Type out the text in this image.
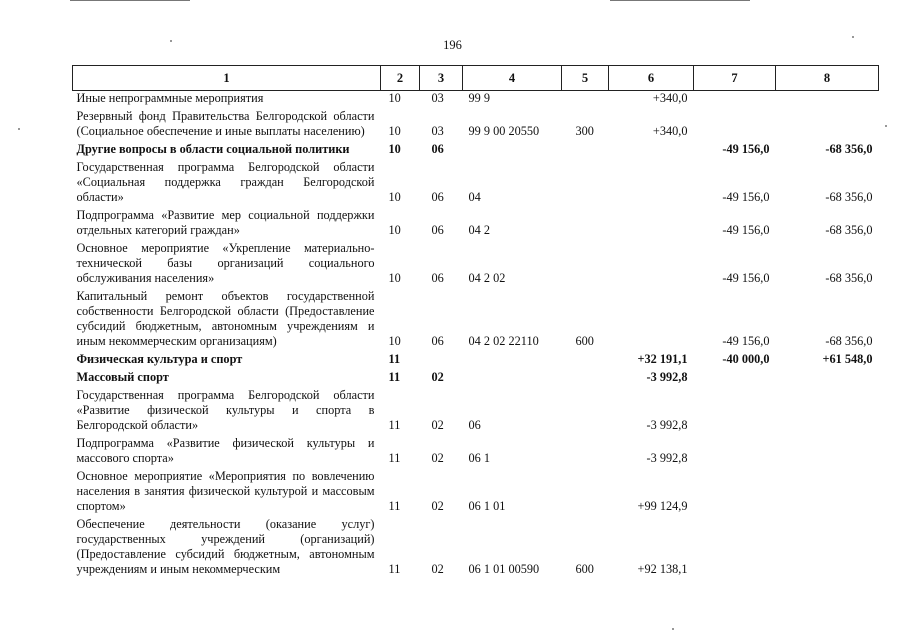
196
1	2	3	4	5	6	7	8
Иные непрограммные мероприятия	10	03	99 9		+340,0		
Резервный фонд Правительства Белгородской области (Социальное обеспечение и иные выплаты населению)	10	03	99 9 00 20550	300	+340,0		
Другие вопросы в области социальной политики	10	06				-49 156,0	-68 356,0
Государственная программа Белгородской области «Социальная поддержка граждан Белгородской области»	10	06	04			-49 156,0	-68 356,0
Подпрограмма «Развитие мер социальной поддержки отдельных категорий граждан»	10	06	04 2			-49 156,0	-68 356,0
Основное мероприятие «Укрепление материально-технической базы организаций социального обслуживания населения»	10	06	04 2 02			-49 156,0	-68 356,0
Капитальный ремонт объектов государственной собственности Белгородской области (Предоставление субсидий бюджетным, автономным учреждениям и иным некоммерческим организациям)	10	06	04 2 02 22110	600		-49 156,0	-68 356,0
Физическая культура и спорт	11				+32 191,1	-40 000,0	+61 548,0
Массовый спорт	11	02			-3 992,8		
Государственная программа Белгородской области «Развитие физической культуры и спорта в Белгородской области»	11	02	06		-3 992,8		
Подпрограмма «Развитие физической культуры и массового спорта»	11	02	06 1		-3 992,8		
Основное мероприятие «Мероприятия по вовлечению населения в занятия физической культурой и массовым спортом»	11	02	06 1 01		+99 124,9		
Обеспечение деятельности (оказание услуг) государственных учреждений (организаций) (Предоставление субсидий бюджетным, автономным учреждениям и иным некоммерческим	11	02	06 1 01 00590	600	+92 138,1		
